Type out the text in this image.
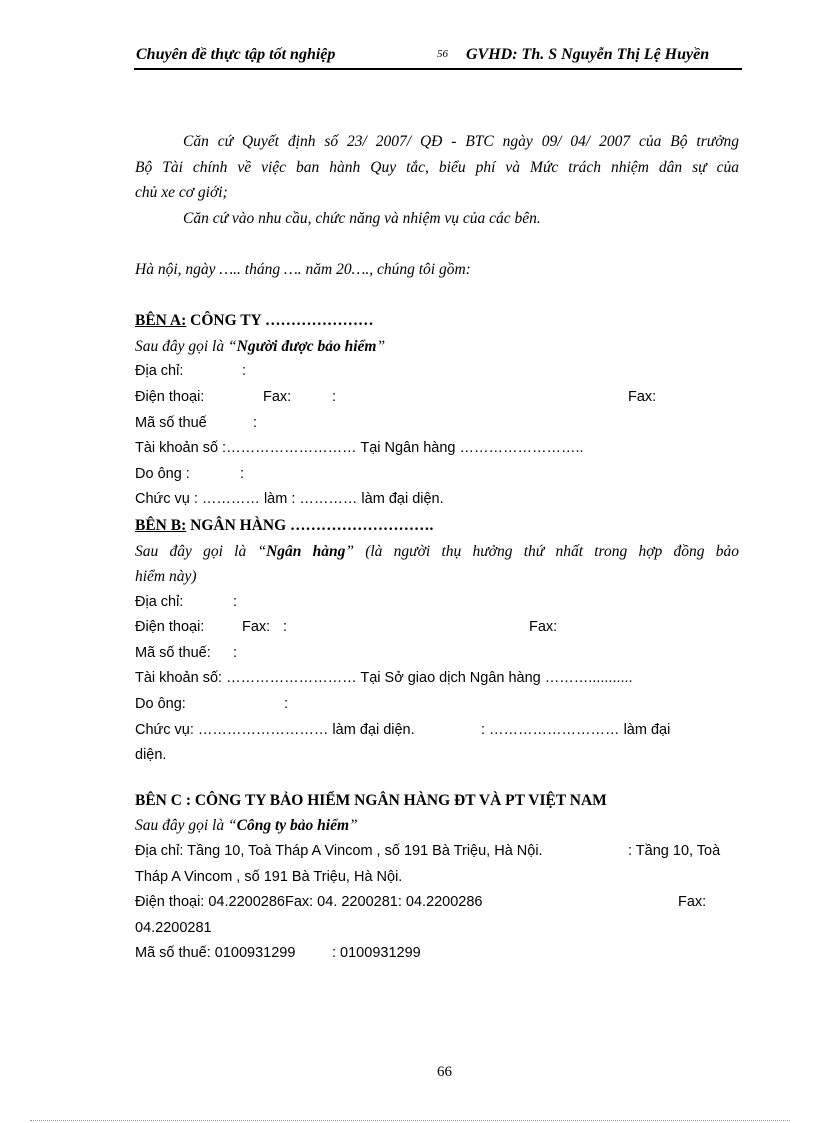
Chuyên đề thực tập tốt nghiệp	56 GVHD: Th. S Nguyễn Thị Lệ Huyền
Căn cứ Quyết định số 23/ 2007/ QĐ - BTC ngày 09/ 04/ 2007 của Bộ trưởng
Bộ Tài chính về việc ban hành Quy tắc, biểu phí và Mức trách nhiệm dân sự của
chủ xe cơ giới;
Căn cứ vào nhu cầu, chức năng và nhiệm vụ của các bên.
Hà nội, ngày ….. tháng …. năm 20…., chúng tôi gồm:
BÊN A: CÔNG TY …………………
Sau đây gọi là “Người được bảo hiểm”
Địa chỉ:	:
Điện thoại:	Fax:	:	Fax:
Mã số thuế	:
Tài khoản số :……………………… Tại Ngân hàng ……………………..
Do ông :	:
Chức vụ : ………… làm : ………… làm đại diện.
BÊN B: NGÂN HÀNG ……………………….
Sau đây gọi là “Ngân hàng” (là người thụ hưởng thứ nhất trong hợp đồng bảo
hiểm này)
Địa chỉ:	:
Điện thoại:	Fax: :	Fax:
Mã số thuế: :
Tài khoản số: ……………………… Tại Sở giao dịch Ngân hàng ………...........
Do ông:	:
Chức vụ: ……………………… làm đại diện.	: ……………………… làm đại
diện.
BÊN C : CÔNG TY BẢO HIỂM NGÂN HÀNG ĐT VÀ PT VIỆT NAM
Sau đây gọi là “Công ty bảo hiểm”
Địa chỉ: Tầng 10, Toà Tháp A Vincom , số 191 Bà Triệu, Hà Nội.	: Tầng 10, Toà
Tháp A Vincom , số 191 Bà Triệu, Hà Nội.
Điện thoại: 04.2200286Fax: 04. 2200281: 04.2200286	Fax:
04.2200281
Mã số thuế: 0100931299	: 0100931299
66
